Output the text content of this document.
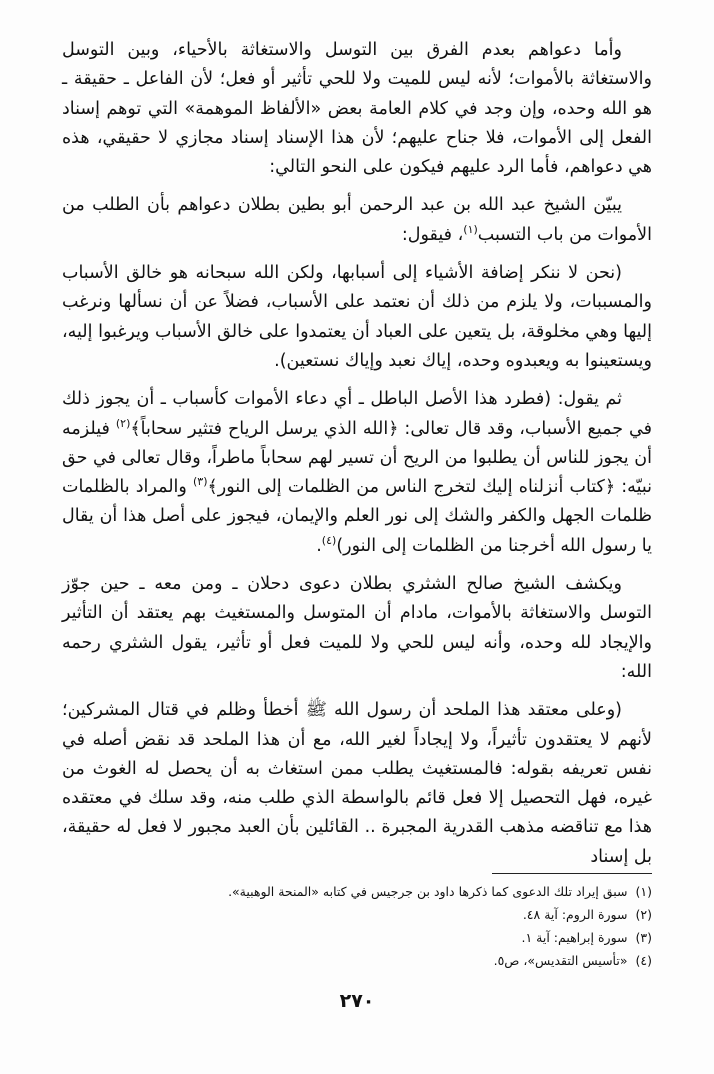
وأما دعواهم بعدم الفرق بين التوسل والاستغاثة بالأحياء، وبين التوسل والاستغاثة بالأموات؛ لأنه ليس للميت ولا للحي تأثير أو فعل؛ لأن الفاعل ـ حقيقة ـ هو الله وحده، وإن وجد في كلام العامة بعض «الألفاظ الموهمة» التي توهم إسناد الفعل إلى الأموات، فلا جناح عليهم؛ لأن هذا الإسناد إسناد مجازي لا حقيقي، هذه هي دعواهم، فأما الرد عليهم فيكون على النحو التالي:

يبيّن الشيخ عبد الله بن عبد الرحمن أبو بطين بطلان دعواهم بأن الطلب من الأموات من باب التسبب$^{(١)}$، فيقول:

(نحن لا ننكر إضافة الأشياء إلى أسبابها، ولكن الله سبحانه هو خالق الأسباب والمسببات، ولا يلزم من ذلك أن نعتمد على الأسباب، فضلاً عن أن نسألها ونرغب إليها وهي مخلوقة، بل يتعين على العباد أن يعتمدوا على خالق الأسباب ويرغبوا إليه، ويستعينوا به ويعبدوه وحده، إياك نعبد وإياك نستعين).

ثم يقول: (فطرد هذا الأصل الباطل ـ أي دعاء الأموات كأسباب ـ أن يجوز ذلك في جميع الأسباب، وقد قال تعالى: ﴿الله الذي يرسل الرياح فتثير سحاباً﴾$^{(٢)}$ فيلزمه أن يجوز للناس أن يطلبوا من الريح أن تسير لهم سحاباً ماطراً، وقال تعالى في حق نبيّه: ﴿كتاب أنزلناه إليك لتخرج الناس من الظلمات إلى النور﴾$^{(٣)}$ والمراد بالظلمات ظلمات الجهل والكفر والشك إلى نور العلم والإيمان، فيجوز على أصل هذا أن يقال يا رسول الله أخرجنا من الظلمات إلى النور)$^{(٤)}$.

ويكشف الشيخ صالح الشثري بطلان دعوى دحلان ـ ومن معه ـ حين جوّز التوسل والاستغاثة بالأموات، مادام أن المتوسل والمستغيث بهم يعتقد أن التأثير والإيجاد لله وحده، وأنه ليس للحي ولا للميت فعل أو تأثير، يقول الشثري رحمه الله:

(وعلى معتقد هذا الملحد أن رسول الله ﷺ أخطأ وظلم في قتال المشركين؛ لأنهم لا يعتقدون تأثيراً، ولا إيجاداً لغير الله، مع أن هذا الملحد قد نقض أصله في نفس تعريفه بقوله: فالمستغيث يطلب ممن استغاث به أن يحصل له الغوث من غيره، فهل التحصيل إلا فعل قائم بالواسطة الذي طلب منه، وقد سلك في معتقده هذا مع تناقضه مذهب القدرية المجبرة .. القائلين بأن العبد مجبور لا فعل له حقيقة، بل إسناد

(١)
سبق إيراد تلك الدعوى كما ذكرها داود بن جرجيس في كتابه «المنحة الوهبية».
(٢)
سورة الروم: آية ٤٨.
(٣)
سورة إبراهيم: آية ١.
(٤)
«تأسيس التقديس»، ص٥.
٢٧٠
